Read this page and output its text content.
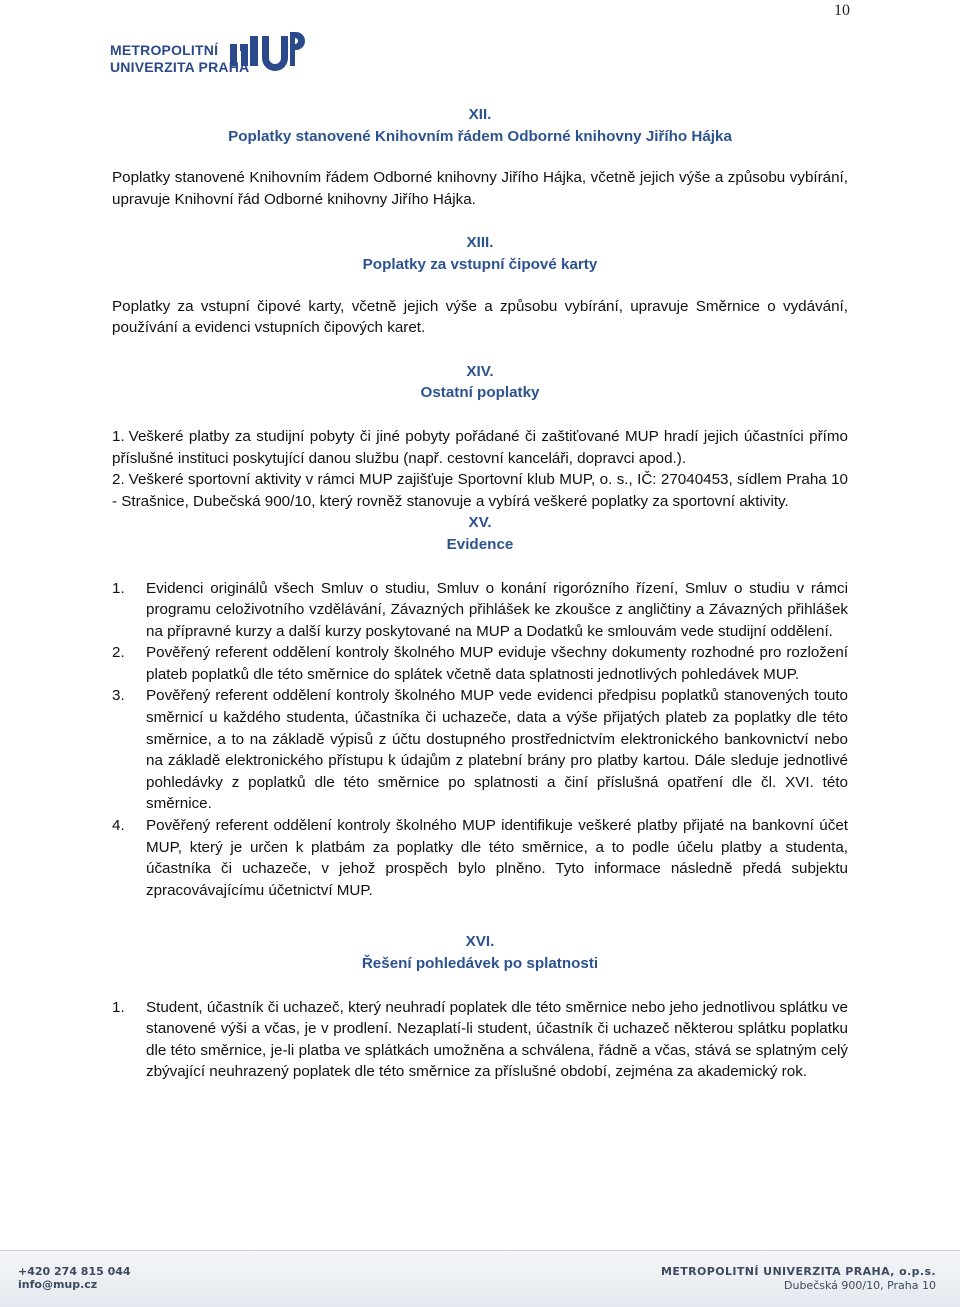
10
METROPOLITNÍ
UNIVERZITA PRAHA
XII.
Poplatky stanovené Knihovním řádem Odborné knihovny Jiřího Hájka

Poplatky stanovené Knihovním řádem Odborné knihovny Jiřího Hájka, včetně jejich výše a způsobu vybírání, upravuje Knihovní řád Odborné knihovny Jiřího Hájka.

XIII.
Poplatky za vstupní čipové karty

Poplatky za vstupní čipové karty, včetně jejich výše a způsobu vybírání, upravuje Směrnice o vydávání, používání a evidenci vstupních čipových karet.

XIV.
Ostatní poplatky
1. Veškeré platby za studijní pobyty či jiné pobyty pořádané či zaštiťované MUP hradí jejich účastníci přímo příslušné instituci poskytující danou službu (např. cestovní kanceláři, dopravci apod.).
2. Veškeré sportovní aktivity v rámci MUP zajišťuje Sportovní klub MUP, o. s., IČ: 27040453, sídlem Praha 10 - Strašnice, Dubečská 900/10, který rovněž stanovuje a vybírá veškeré poplatky za sportovní aktivity.
XV.
Evidence
1. Evidenci originálů všech Smluv o studiu, Smluv o konání rigorózního řízení, Smluv o studiu v rámci programu celoživotního vzdělávání, Závazných přihlášek ke zkoušce z angličtiny a Závazných přihlášek na přípravné kurzy a další kurzy poskytované na MUP a Dodatků ke smlouvám vede studijní oddělení.
2. Pověřený referent oddělení kontroly školného MUP eviduje všechny dokumenty rozhodné pro rozložení plateb poplatků dle této směrnice do splátek včetně data splatnosti jednotlivých pohledávek MUP.
3. Pověřený referent oddělení kontroly školného MUP vede evidenci předpisu poplatků stanovených touto směrnicí u každého studenta, účastníka či uchazeče, data a výše přijatých plateb za poplatky dle této směrnice, a to na základě výpisů z účtu dostupného prostřednictvím elektronického bankovnictví nebo na základě elektronického přístupu k údajům z platební brány pro platby kartou. Dále sleduje jednotlivé pohledávky z poplatků dle této směrnice po splatnosti a činí příslušná opatření dle čl. XVI. této směrnice.
4. Pověřený referent oddělení kontroly školného MUP identifikuje veškeré platby přijaté na bankovní účet MUP, který je určen k platbám za poplatky dle této směrnice, a to podle účelu platby a studenta, účastníka či uchazeče, v jehož prospěch bylo plněno. Tyto informace následně předá subjektu zpracovávajícímu účetnictví MUP.
XVI.
Řešení pohledávek po splatnosti
1. Student, účastník či uchazeč, který neuhradí poplatek dle této směrnice nebo jeho jednotlivou splátku ve stanovené výši a včas, je v prodlení. Nezaplatí-li student, účastník či uchazeč některou splátku poplatku dle této směrnice, je-li platba ve splátkách umožněna a schválena, řádně a včas, stává se splatným celý zbývající neuhrazený poplatek dle této směrnice za příslušné období, zejména za akademický rok.
+420 274 815 044
info@mup.cz
METROPOLITNÍ UNIVERZITA PRAHA, o.p.s.
Dubečská 900/10, Praha 10
